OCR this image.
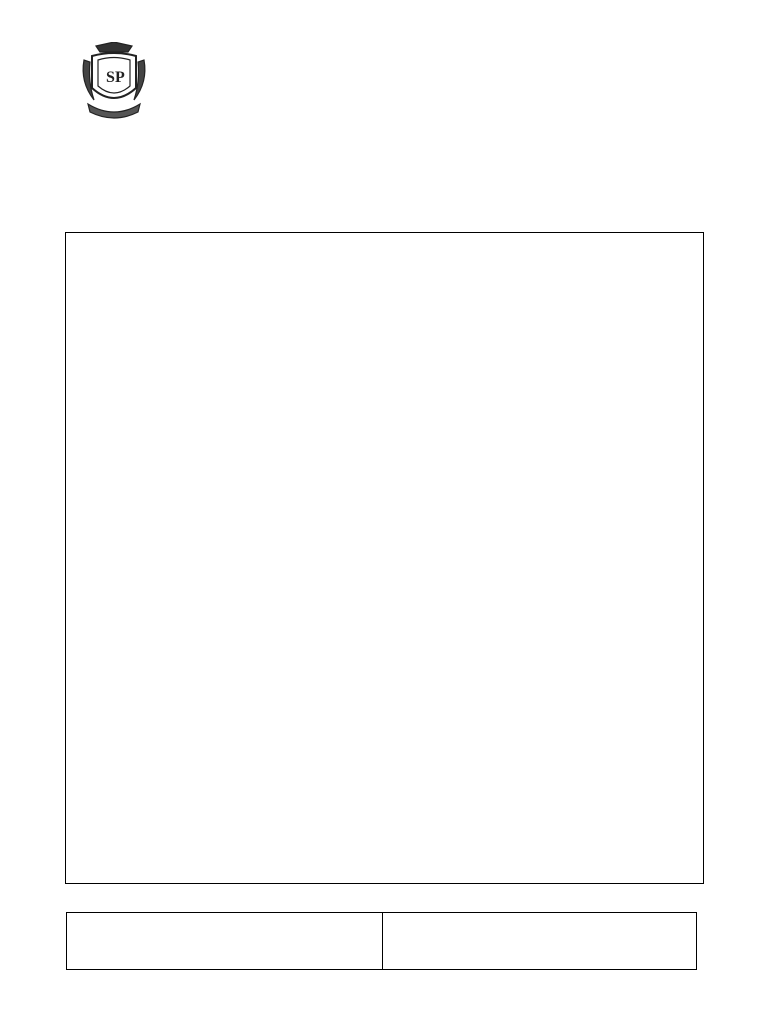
S P
